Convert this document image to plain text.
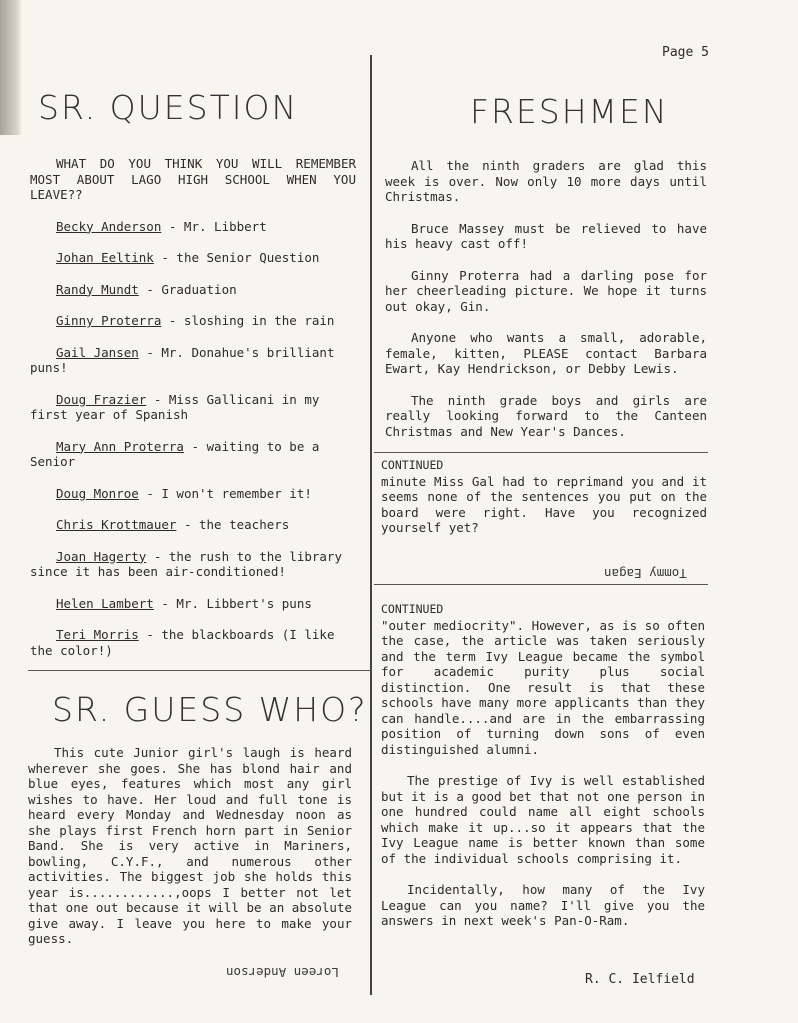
Page 5
SR. QUESTION

WHAT DO YOU THINK YOU WILL REMEMBER MOST ABOUT LAGO HIGH SCHOOL WHEN YOU LEAVE??

Becky Anderson - Mr. Libbert

Johan Eeltink - the Senior Question

Randy Mundt - Graduation

Ginny Proterra - sloshing in the rain

Gail Jansen - Mr. Donahue's brilliant puns!

Doug Frazier - Miss Gallicani in my first year of Spanish

Mary Ann Proterra - waiting to be a Senior

Doug Monroe - I won't remember it!

Chris Krottmauer - the teachers

Joan Hagerty - the rush to the library since it has been air-conditioned!

Helen Lambert - Mr. Libbert's puns

Teri Morris - the blackboards (I like the color!)

SR. GUESS WHO?

This cute Junior girl's laugh is heard wherever she goes. She has blond hair and blue eyes, features which most any girl wishes to have. Her loud and full tone is heard every Monday and Wednesday noon as she plays first French horn part in Senior Band. She is very active in Mariners, bowling, C.Y.F., and numerous other activities. The biggest job she holds this year is............,oops I better not let that one out because it will be an absolute give away. I leave you here to make your guess.

Loreen Anderson
FRESHMEN

All the ninth graders are glad this week is over. Now only 10 more days until Christmas.

Bruce Massey must be relieved to have his heavy cast off!

Ginny Proterra had a darling pose for her cheerleading picture. We hope it turns out okay, Gin.

Anyone who wants a small, adorable, female, kitten, PLEASE contact Barbara Ewart, Kay Hendrickson, or Debby Lewis.

The ninth grade boys and girls are really looking forward to the Canteen Christmas and New Year's Dances.

CONTINUED

minute Miss Gal had to reprimand you and it seems none of the sentences you put on the board were right. Have you recognized yourself yet?

Tommy Eagan
CONTINUED

"outer mediocrity". However, as is so often the case, the article was taken seriously and the term Ivy League became the symbol for academic purity plus social distinction. One result is that these schools have many more applicants than they can handle....and are in the embarrassing position of turning down sons of even distinguished alumni.

The prestige of Ivy is well established but it is a good bet that not one person in one hundred could name all eight schools which make it up...so it appears that the Ivy League name is better known than some of the individual schools comprising it.

Incidentally, how many of the Ivy League can you name? I'll give you the answers in next week's Pan-O-Ram.

R. C. Ielfield
